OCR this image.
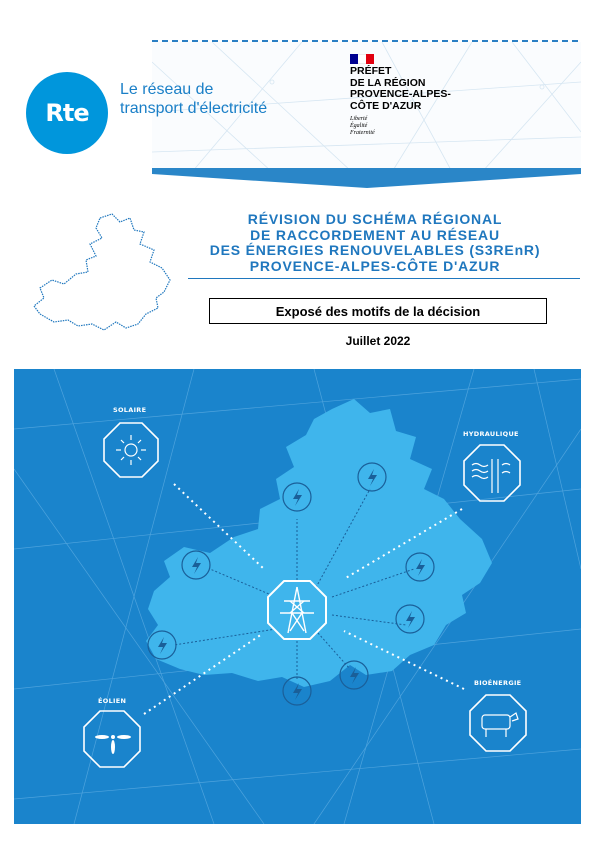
Rte
Le réseau de transport d'électricité
PRÉFET
DE LA RÉGION
PROVENCE-ALPES-
CÔTE D'AZUR
Liberté
Égalité
Fraternité
RÉVISION DU SCHÉMA RÉGIONAL
DE RACCORDEMENT AU RÉSEAU
DES ÉNERGIES RENOUVELABLES (S3REnR)
PROVENCE-ALPES-CÔTE D'AZUR
Exposé des motifs de la décision
Juillet 2022
SOLAIRE
HYDRAULIQUE
ÉOLIEN
BIOÉNERGIE
